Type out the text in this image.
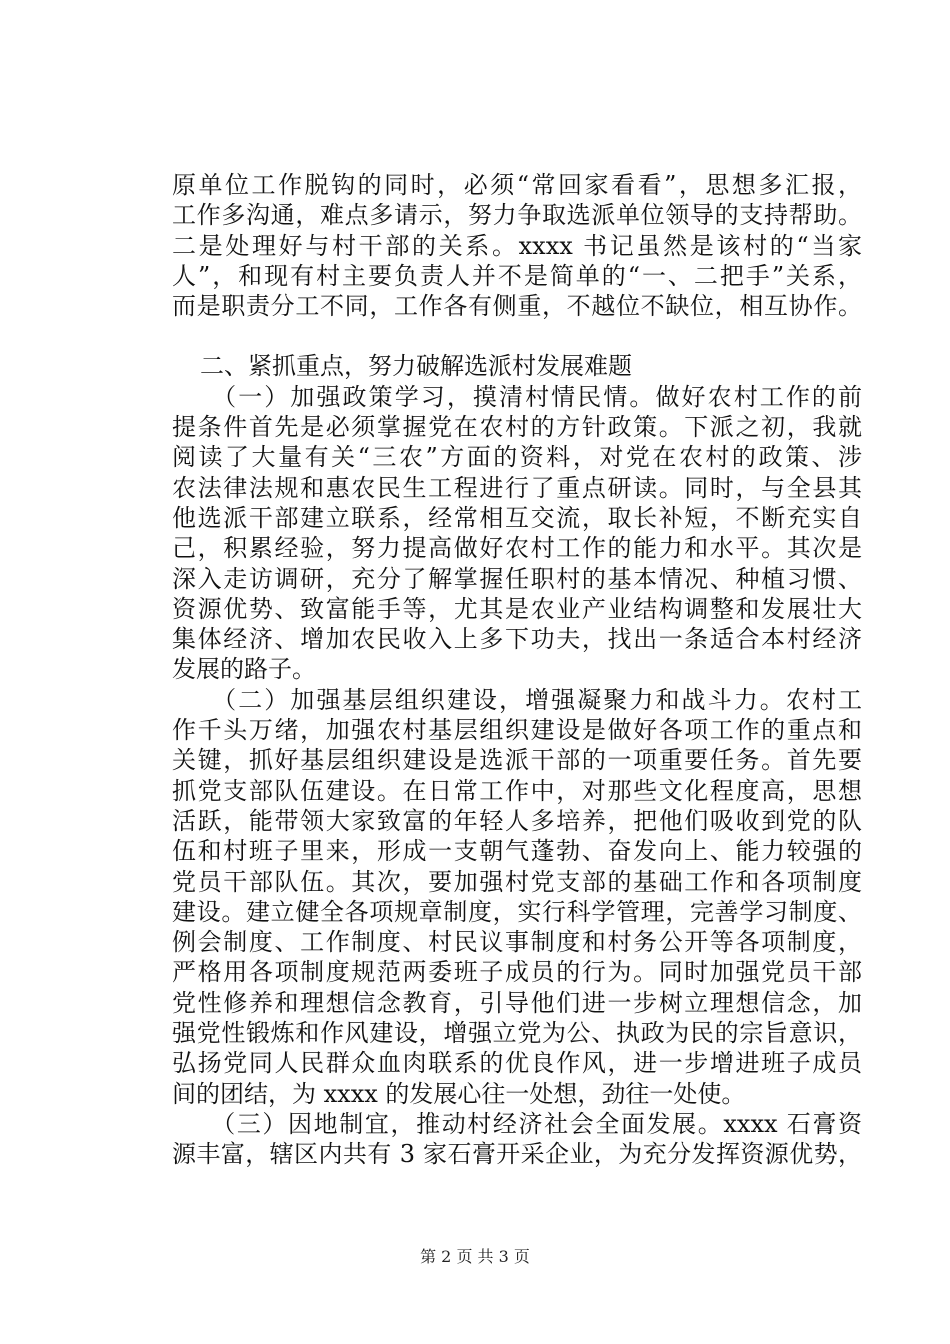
原单位工作脱钩的同时，必须“常回家看看”，思想多汇报，
工作多沟通，难点多请示，努力争取选派单位领导的支持帮助。
二是处理好与村干部的关系。xxxx 书记虽然是该村的“当家
人”，和现有村主要负责人并不是简单的“一、二把手”关系，
而是职责分工不同，工作各有侧重，不越位不缺位，相互协作。
　二、紧抓重点，努力破解选派村发展难题
　　（一）加强政策学习，摸清村情民情。做好农村工作的前
提条件首先是必须掌握党在农村的方针政策。下派之初，我就
阅读了大量有关“三农”方面的资料，对党在农村的政策、涉
农法律法规和惠农民生工程进行了重点研读。同时，与全县其
他选派干部建立联系，经常相互交流，取长补短，不断充实自
己，积累经验，努力提高做好农村工作的能力和水平。其次是
深入走访调研，充分了解掌握任职村的基本情况、种植习惯、
资源优势、致富能手等，尤其是农业产业结构调整和发展壮大
集体经济、增加农民收入上多下功夫，找出一条适合本村经济
发展的路子。
　　（二）加强基层组织建设，增强凝聚力和战斗力。农村工
作千头万绪，加强农村基层组织建设是做好各项工作的重点和
关键，抓好基层组织建设是选派干部的一项重要任务。首先要
抓党支部队伍建设。在日常工作中，对那些文化程度高，思想
活跃，能带领大家致富的年轻人多培养，把他们吸收到党的队
伍和村班子里来，形成一支朝气蓬勃、奋发向上、能力较强的
党员干部队伍。其次，要加强村党支部的基础工作和各项制度
建设。建立健全各项规章制度，实行科学管理，完善学习制度、
例会制度、工作制度、村民议事制度和村务公开等各项制度，
严格用各项制度规范两委班子成员的行为。同时加强党员干部
党性修养和理想信念教育，引导他们进一步树立理想信念，加
强党性锻炼和作风建设，增强立党为公、执政为民的宗旨意识，
弘扬党同人民群众血肉联系的优良作风，进一步增进班子成员
间的团结，为 xxxx 的发展心往一处想，劲往一处使。
　　（三）因地制宜，推动村经济社会全面发展。xxxx 石膏资
源丰富，辖区内共有 3 家石膏开采企业，为充分发挥资源优势，
第 2 页 共 3 页
